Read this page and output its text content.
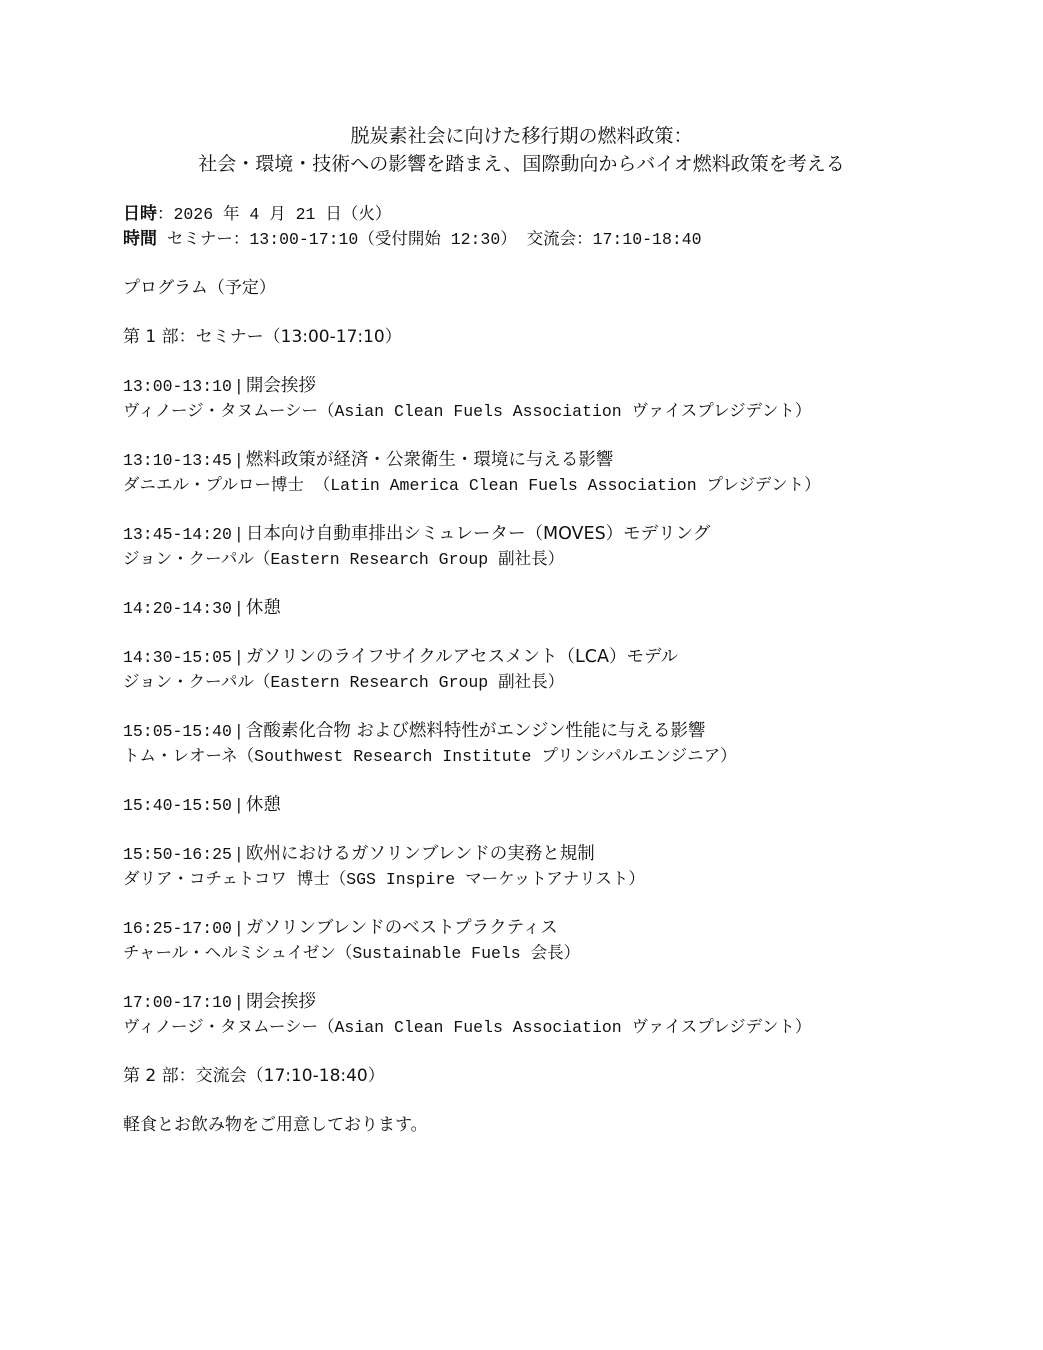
脱炭素社会に向けた移行期の燃料政策：
社会・環境・技術への影響を踏まえ、国際動向からバイオ燃料政策を考える
日時：2026 年 4 月 21 日（火）
時間 セミナー：13:00-17:10（受付開始 12:30） 交流会：17:10-18:40
プログラム（予定）
第 1 部：セミナー（13:00-17:10）
13:00-13:10 | 開会挨拶
ヴィノージ・タヌムーシー（Asian Clean Fuels Association ヴァイスプレジデント）
13:10-13:45 | 燃料政策が経済・公衆衛生・環境に与える影響
ダニエル・プルロー博士 （Latin America Clean Fuels Association プレジデント）
13:45-14:20 | 日本向け自動車排出シミュレーター（MOVES）モデリング
ジョン・クーパル（Eastern Research Group 副社長）
14:20-14:30 | 休憩
14:30-15:05 | ガソリンのライフサイクルアセスメント（LCA）モデル
ジョン・クーパル（Eastern Research Group 副社長）
15:05-15:40 | 含酸素化合物 および燃料特性がエンジン性能に与える影響
トム・レオーネ（Southwest Research Institute プリンシパルエンジニア）
15:40-15:50 | 休憩
15:50-16:25 | 欧州におけるガソリンブレンドの実務と規制
ダリア・コチェトコワ 博士（SGS Inspire マーケットアナリスト）
16:25-17:00 | ガソリンブレンドのベストプラクティス
チャール・ヘルミシュイゼン（Sustainable Fuels 会長）
17:00-17:10 | 閉会挨拶
ヴィノージ・タヌムーシー（Asian Clean Fuels Association ヴァイスプレジデント）
第 2 部：交流会（17:10-18:40）
軽食とお飲み物をご用意しております。
